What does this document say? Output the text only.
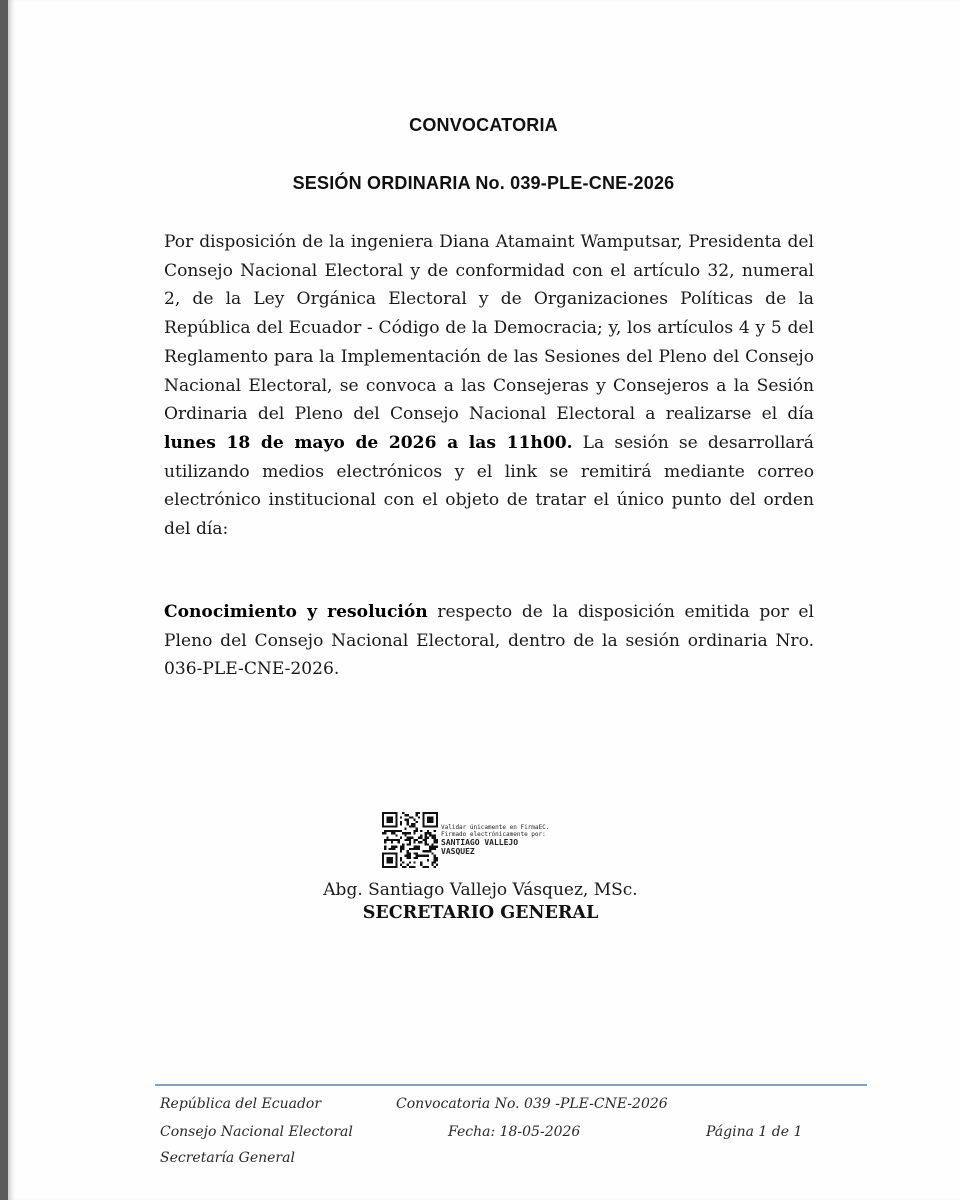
CONVOCATORIA
SESIÓN ORDINARIA No. 039-PLE-CNE-2026
Por disposición de la ingeniera Diana Atamaint Wamputsar, Presidenta del Consejo Nacional Electoral y de conformidad con el artículo 32, numeral 2, de la Ley Orgánica Electoral y de Organizaciones Políticas de la República del Ecuador - Código de la Democracia; y, los artículos 4 y 5 del Reglamento para la Implementación de las Sesiones del Pleno del Consejo Nacional Electoral, se convoca a las Consejeras y Consejeros a la Sesión Ordinaria del Pleno del Consejo Nacional Electoral a realizarse el día lunes 18 de mayo de 2026 a las 11h00. La sesión se desarrollará utilizando medios electrónicos y el link se remitirá mediante correo electrónico institucional con el objeto de tratar el único punto del orden del día:
Conocimiento y resolución respecto de la disposición emitida por el Pleno del Consejo Nacional Electoral, dentro de la sesión ordinaria Nro. 036-PLE-CNE-2026.
Validar únicamente en FirmaEC.
Firmado electrónicamente por:
SANTIAGO VALLEJO VASQUEZ
Abg. Santiago Vallejo Vásquez, MSc.
SECRETARIO GENERAL
República del Ecuador
Consejo Nacional Electoral
Secretaría General
Convocatoria No. 039 -PLE-CNE-2026
Fecha: 18-05-2026	Página 1 de 1
